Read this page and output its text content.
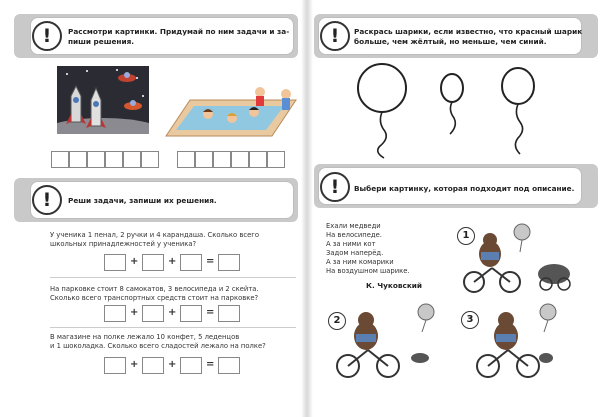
!	Рассмотри картинки. Придумай по ним задачи и за-
пиши решения.
!	Реши задачи, запиши их решения.
У ученика 1 пенал, 2 ручки и 4 карандаша. Сколько всего
школьных принадлежностей у ученика?
+	+	=
На парковке стоит 8 самокатов, 3 велосипеда и 2 скейта.
Сколько всего транспортных средств стоит на парковке?
+	+	=
В магазине на полке лежало 10 конфет, 5 леденцов
и 1 шоколадка. Сколько всего сладостей лежало на полке?
+	+	=
!	Раскрась шарики, если известно, что красный шарик
больше, чем жёлтый, но меньше, чем синий.
!	Выбери картинку, которая подходит под описание.
Ехали медведи
На велосипеде.
А за ними кот
Задом наперёд.
А за ним комарики
На воздушном шарике.
К. Чуковский
1
2	3
